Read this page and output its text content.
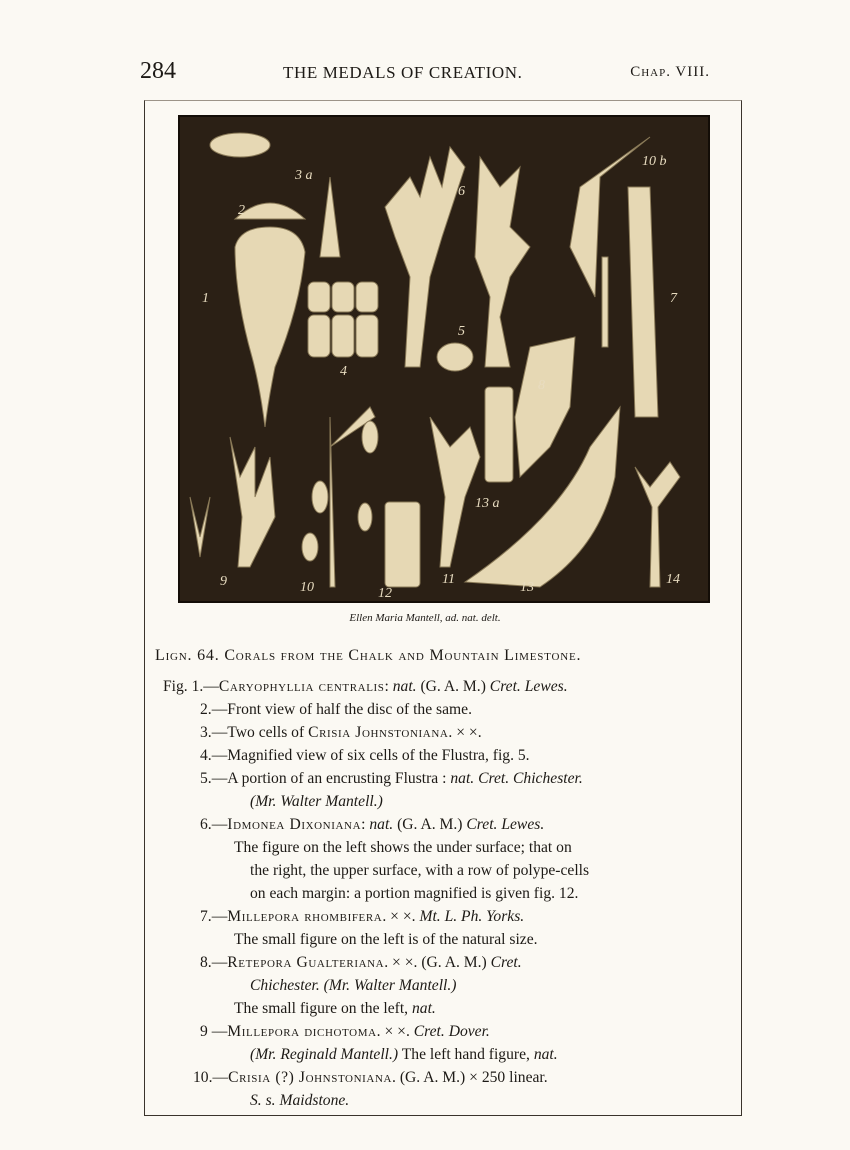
284	THE MEDALS OF CREATION.	Chap. VIII.
1
2
3 a
4
5
6
7
8
9	10
10 b
11
12	13
13 a
14
Ellen Maria Mantell, ad. nat. delt.
Lign. 64. Corals from the Chalk and Mountain Limestone.
Fig. 1.—Caryophyllia centralis: nat. (G. A. M.) Cret. Lewes.
2.—Front view of half the disc of the same.
3.—Two cells of Crisia Johnstoniana. × ×.
4.—Magnified view of six cells of the Flustra, fig. 5.
5.—A portion of an encrusting Flustra : nat. Cret. Chichester.
(Mr. Walter Mantell.)
6.—Idmonea Dixoniana: nat. (G. A. M.) Cret. Lewes.
The figure on the left shows the under surface; that on
the right, the upper surface, with a row of polype-cells
on each margin: a portion magnified is given fig. 12.
7.—Millepora rhombifera. × ×. Mt. L. Ph. Yorks.
The small figure on the left is of the natural size.
8.—Retepora Gualteriana. × ×. (G. A. M.) Cret.
Chichester. (Mr. Walter Mantell.)
The small figure on the left, nat.
9 —Millepora dichotoma. × ×. Cret. Dover.
(Mr. Reginald Mantell.) The left hand figure, nat.
10.—Crisia (?) Johnstoniana. (G. A. M.) × 250 linear.
S. s. Maidstone.
